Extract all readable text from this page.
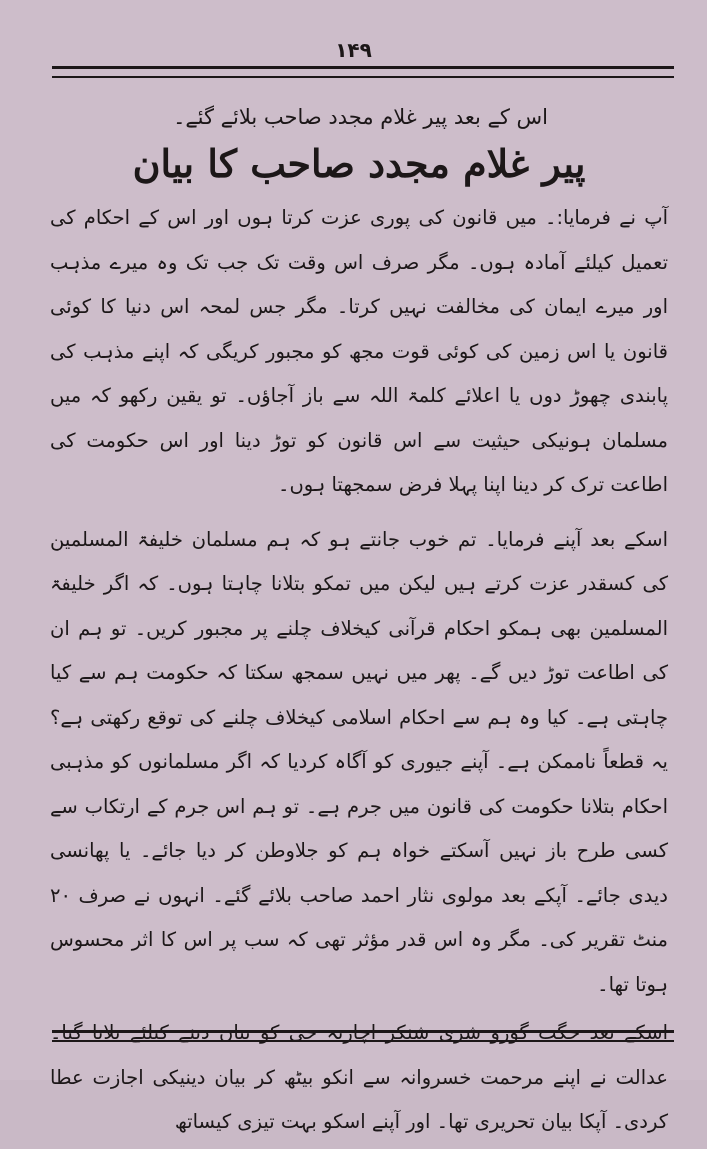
۱۴۹

اس کے بعد پیر غلام مجدد صاحب بلائے گئے۔

پیر غلام مجدد صاحب کا بیان

آپ نے فرمایا:۔ میں قانون کی پوری عزت کرتا ہوں اور اس کے احکام کی تعمیل کیلئے آمادہ ہوں۔ مگر صرف اس وقت تک جب تک وہ میرے مذہب اور میرے ایمان کی مخالفت نہیں کرتا۔ مگر جس لمحہ اس دنیا کا کوئی قانون یا اس زمین کی کوئی قوت مجھ کو مجبور کریگی کہ اپنے مذہب کی پابندی چھوڑ دوں یا اعلائے کلمۃ اللہ سے باز آجاؤں۔ تو یقین رکھو کہ میں مسلمان ہونیکی حیثیت سے اس قانون کو توڑ دینا اور اس حکومت کی اطاعت ترک کر دینا اپنا پہلا فرض سمجھتا ہوں۔

اسکے بعد آپنے فرمایا۔ تم خوب جانتے ہو کہ ہم مسلمان خلیفۃ المسلمین کی کسقدر عزت کرتے ہیں لیکن میں تمکو بتلانا چاہتا ہوں۔ کہ اگر خلیفۃ المسلمین بھی ہمکو احکام قرآنی کیخلاف چلنے پر مجبور کریں۔ تو ہم ان کی اطاعت توڑ دیں گے۔ پھر میں نہیں سمجھ سکتا کہ حکومت ہم سے کیا چاہتی ہے۔ کیا وہ ہم سے احکام اسلامی کیخلاف چلنے کی توقع رکھتی ہے؟ یہ قطعاً ناممکن ہے۔ آپنے جیوری کو آگاہ کردیا کہ اگر مسلمانوں کو مذہبی احکام بتلانا حکومت کی قانون میں جرم ہے۔ تو ہم اس جرم کے ارتکاب سے کسی طرح باز نہیں آسکتے خواہ ہم کو جلاوطن کر دیا جائے۔ یا پھانسی دیدی جائے۔ آپکے بعد مولوی نثار احمد صاحب بلائے گئے۔ انہوں نے صرف ۲۰ منٹ تقریر کی۔ مگر وہ اس قدر مؤثر تھی کہ سب پر اس کا اثر محسوس ہوتا تھا۔

اسکے بعد جگت گورو شری شنکر اچاریہ جی کو بیان دینے کیلئے بلایا گیا۔ عدالت نے اپنے مرحمت خسروانہ سے انکو بیٹھ کر بیان دینیکی اجازت عطا کردی۔ آپکا بیان تحریری تھا۔ اور آپنے اسکو بہت تیزی کیساتھ
